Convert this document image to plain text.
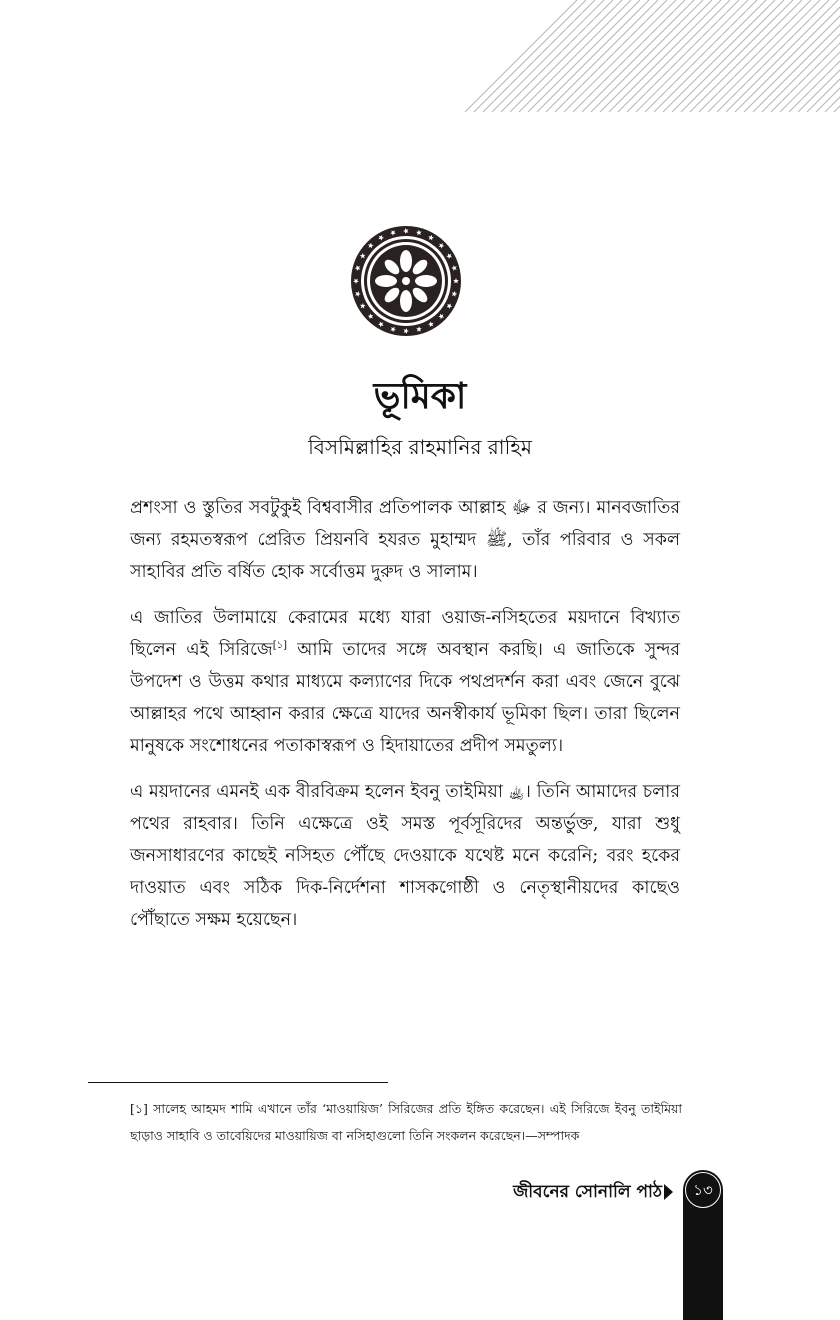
ভূমিকা

বিসমিল্লাহির রাহমানির রাহিম

প্রশংসা ও স্তুতির সবটুকুই বিশ্ববাসীর প্রতিপালক আল্লাহ ﷻ র জন্য। মানবজাতির জন্য রহমতস্বরূপ প্রেরিত প্রিয়নবি হযরত মুহাম্মদ ﷺ, তাঁর পরিবার ও সকল সাহাবির প্রতি বর্ষিত হোক সর্বোত্তম দুরুদ ও সালাম।

এ জাতির উলামায়ে কেরামের মধ্যে যারা ওয়াজ-নসিহতের ময়দানে বিখ্যাত ছিলেন এই সিরিজে[১] আমি তাদের সঙ্গে অবস্থান করছি। এ জাতিকে সুন্দর উপদেশ ও উত্তম কথার মাধ্যমে কল্যাণের দিকে পথপ্রদর্শন করা এবং জেনে বুঝে আল্লাহর পথে আহ্বান করার ক্ষেত্রে যাদের অনস্বীকার্য ভূমিকা ছিল। তারা ছিলেন মানুষকে সংশোধনের পতাকাস্বরূপ ও হিদায়াতের প্রদীপ সমতুল্য।

এ ময়দানের এমনই এক বীরবিক্রম হলেন ইবনু তাইমিয়া ﵀। তিনি আমাদের চলার পথের রাহবার। তিনি এক্ষেত্রে ওই সমস্ত পূর্বসূরিদের অন্তর্ভুক্ত, যারা শুধু জনসাধারণের কাছেই নসিহত পৌঁছে দেওয়াকে যথেষ্ট মনে করেনি; বরং হকের দাওয়াত এবং সঠিক দিক-নির্দেশনা শাসকগোষ্ঠী ও নেতৃস্থানীয়দের কাছেও পৌঁছাতে সক্ষম হয়েছেন।

[১] সালেহ আহমদ শামি এখানে তাঁর ‘মাওয়ায়িজ’ সিরিজের প্রতি ইঙ্গিত করেছেন। এই সিরিজে ইবনু তাইমিয়া ছাড়াও সাহাবি ও তাবেয়িদের মাওয়ায়িজ বা নসিহাগুলো তিনি সংকলন করেছেন।—সম্পাদক

জীবনের সোনালি পাঠ	১৩
